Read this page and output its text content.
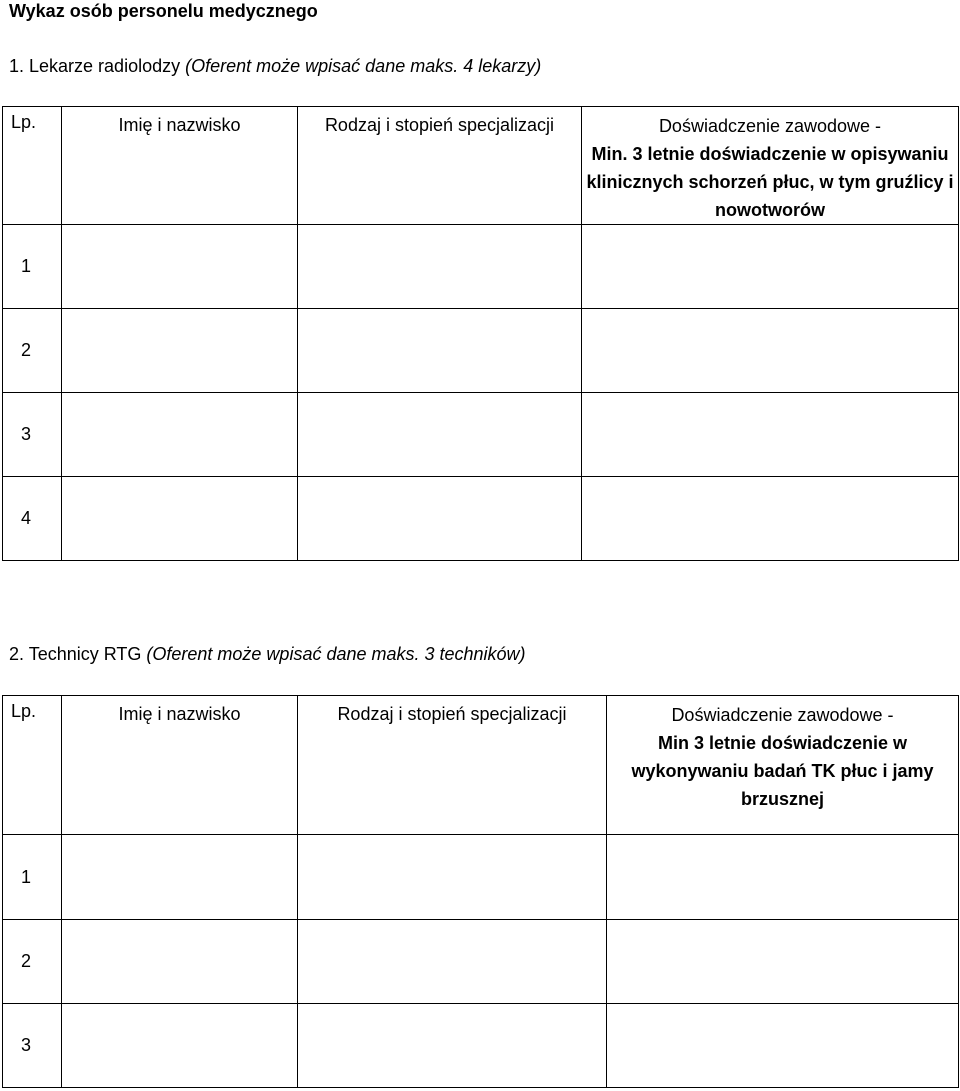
Wykaz osób personelu medycznego
1. Lekarze radiolodzy (Oferent może wpisać dane maks. 4 lekarzy)
Lp.	Imię i nazwisko	Rodzaj i stopień specjalizacji	Doświadczenie zawodowe -
Min. 3 letnie doświadczenie w opisywaniu klinicznych schorzeń płuc, w tym gruźlicy i nowotworów

1			
2			
3			
4			
2. Technicy RTG (Oferent może wpisać dane maks. 3 techników)
Lp.	Imię i nazwisko	Rodzaj i stopień specjalizacji	Doświadczenie zawodowe -
Min 3 letnie doświadczenie w wykonywaniu badań TK płuc i jamy brzusznej

1			
2			
3			
